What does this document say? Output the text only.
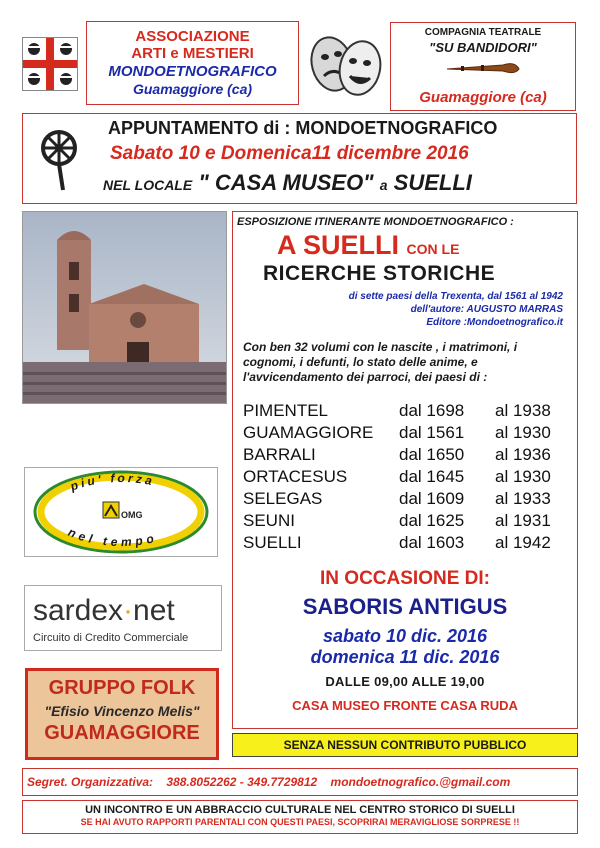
ASSOCIAZIONE
ARTI e MESTIERI
MONDOETNOGRAFICO
Guamaggiore (ca)
COMPAGNIA TEATRALE
"SU BANDIDORI"
Guamaggiore (ca)
APPUNTAMENTO di : MONDOETNOGRAFICO
Sabato 10 e Domenica11 dicembre 2016
NEL LOCALE " CASA MUSEO" a SUELLI
ESPOSIZIONE ITINERANTE MONDOETNOGRAFICO :
A SUELLI CON LE
RICERCHE STORICHE
di sette paesi della Trexenta, dal 1561 al 1942
dell'autore: AUGUSTO MARRAS
Editore :Mondoetnografico.it
Con ben 32 volumi con le nascite , i matrimoni, i cognomi, i defunti, lo stato delle anime, e l'avvicendamento dei parroci, dei paesi di :
PIMENTEL	dal 1698	al 1938
GUAMAGGIORE	dal 1561	al 1930
BARRALI	dal 1650	al 1936
ORTACESUS	dal 1645	al 1930
SELEGAS	dal 1609	al 1933
SEUNI	dal 1625	al 1931
SUELLI	dal 1603	al 1942
IN OCCASIONE DI:
SABORIS ANTIGUS
sabato 10 dic. 2016
domenica 11 dic. 2016
DALLE 09,00 ALLE 19,00
CASA MUSEO FRONTE CASA RUDA
SENZA NESSUN CONTRIBUTO PUBBLICO
piu' forza
nel tempo
OMG
sardex·net
Circuito di Credito Commerciale
GRUPPO FOLK
"Efisio Vincenzo Melis"
GUAMAGGIORE
Segret. Organizzativa: 388.8052262 - 349.7729812 mondoetnografico.@gmail.com
UN INCONTRO E UN ABBRACCIO CULTURALE NEL CENTRO STORICO DI SUELLI
SE HAI AVUTO RAPPORTI PARENTALI CON QUESTI PAESI, SCOPRIRAI MERAVIGLIOSE SORPRESE !!
